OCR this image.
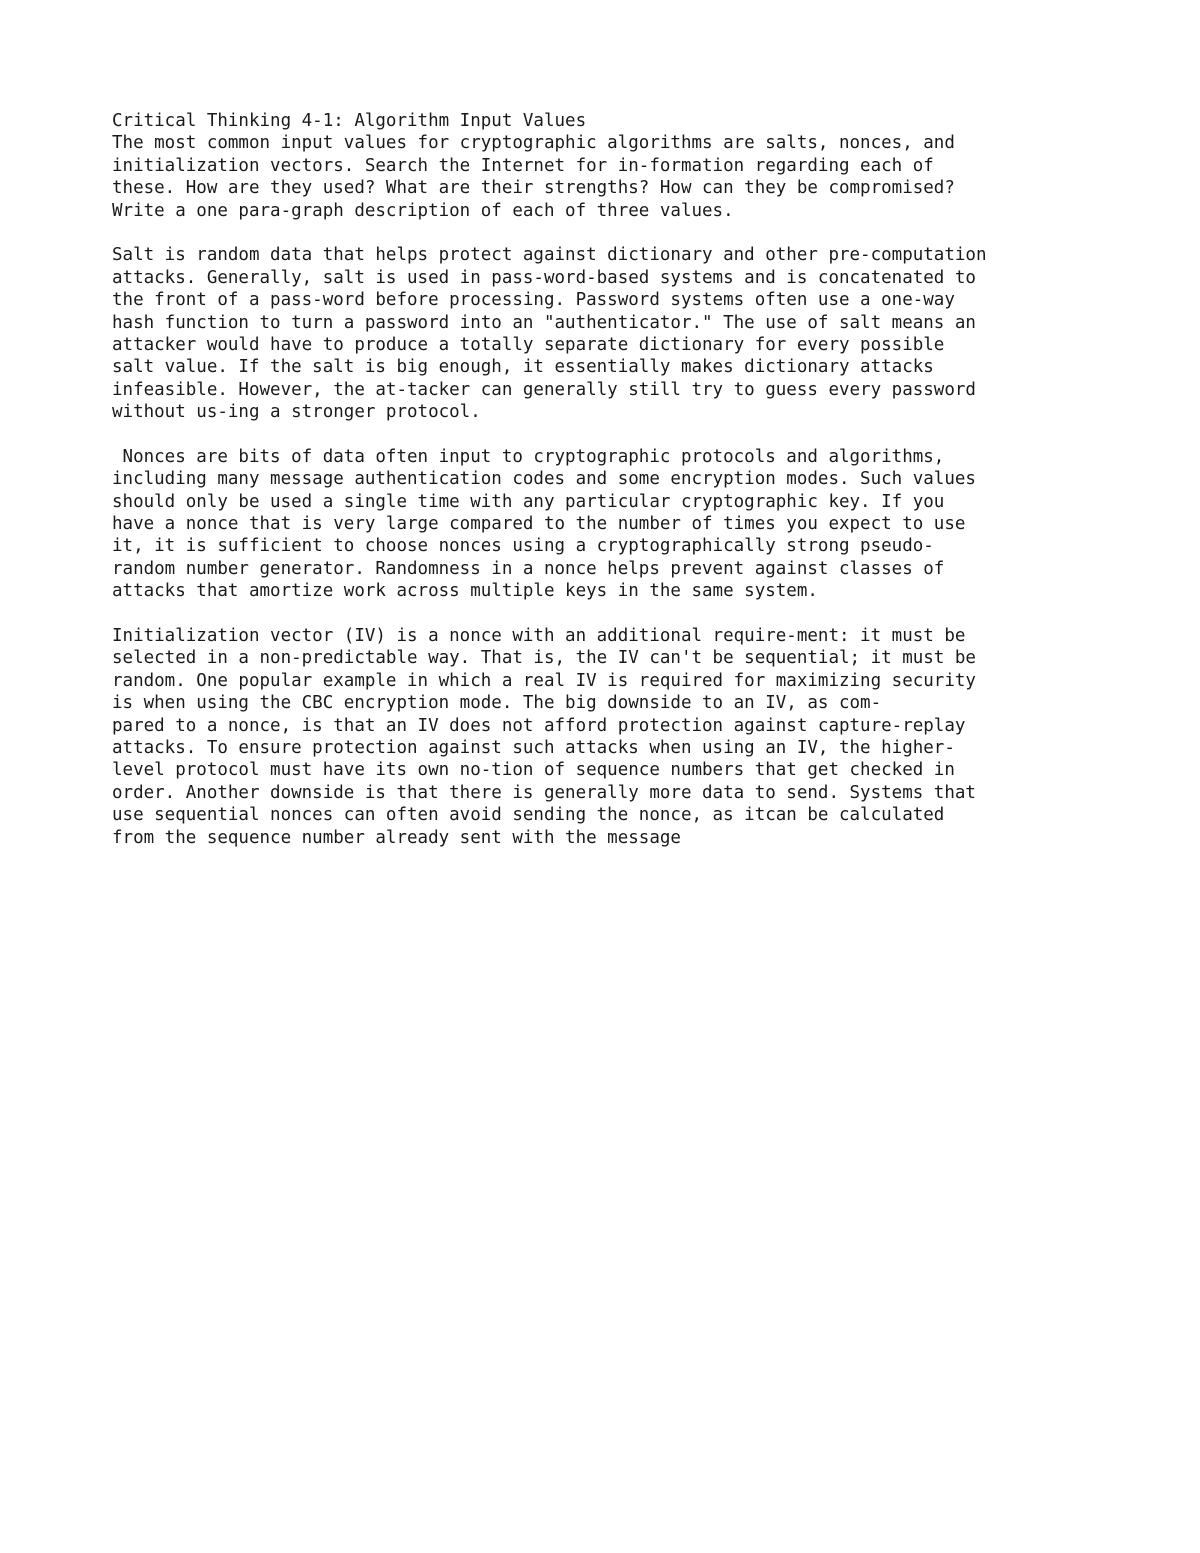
Critical Thinking 4-1: Algorithm Input Values
The most common input values for cryptographic algorithms are salts, nonces, and
initialization vectors. Search the Internet for in-formation regarding each of
these. How are they used? What are their strengths? How can they be compromised?
Write a one para-graph description of each of three values.
Salt is random data that helps protect against dictionary and other pre-computation
attacks. Generally, salt is used in pass-word-based systems and is concatenated to
the front of a pass-word before processing. Password systems often use a one-way
hash function to turn a password into an "authenticator." The use of salt means an
attacker would have to produce a totally separate dictionary for every possible
salt value. If the salt is big enough, it essentially makes dictionary attacks
infeasible. However, the at-tacker can generally still try to guess every password
without us-ing a stronger protocol.
Nonces are bits of data often input to cryptographic protocols and algorithms,
including many message authentication codes and some encryption modes. Such values
should only be used a single time with any particular cryptographic key. If you
have a nonce that is very large compared to the number of times you expect to use
it, it is sufficient to choose nonces using a cryptographically strong pseudo-
random number generator. Randomness in a nonce helps prevent against classes of
attacks that amortize work across multiple keys in the same system.
Initialization vector (IV) is a nonce with an additional require-ment: it must be
selected in a non-predictable way. That is, the IV can't be sequential; it must be
random. One popular example in which a real IV is required for maximizing security
is when using the CBC encryption mode. The big downside to an IV, as com-
pared to a nonce, is that an IV does not afford protection against capture-replay
attacks. To ensure protection against such attacks when using an IV, the higher-
level protocol must have its own no-tion of sequence numbers that get checked in
order. Another downside is that there is generally more data to send. Systems that
use sequential nonces can often avoid sending the nonce, as itcan be calculated
from the sequence number already sent with the message
